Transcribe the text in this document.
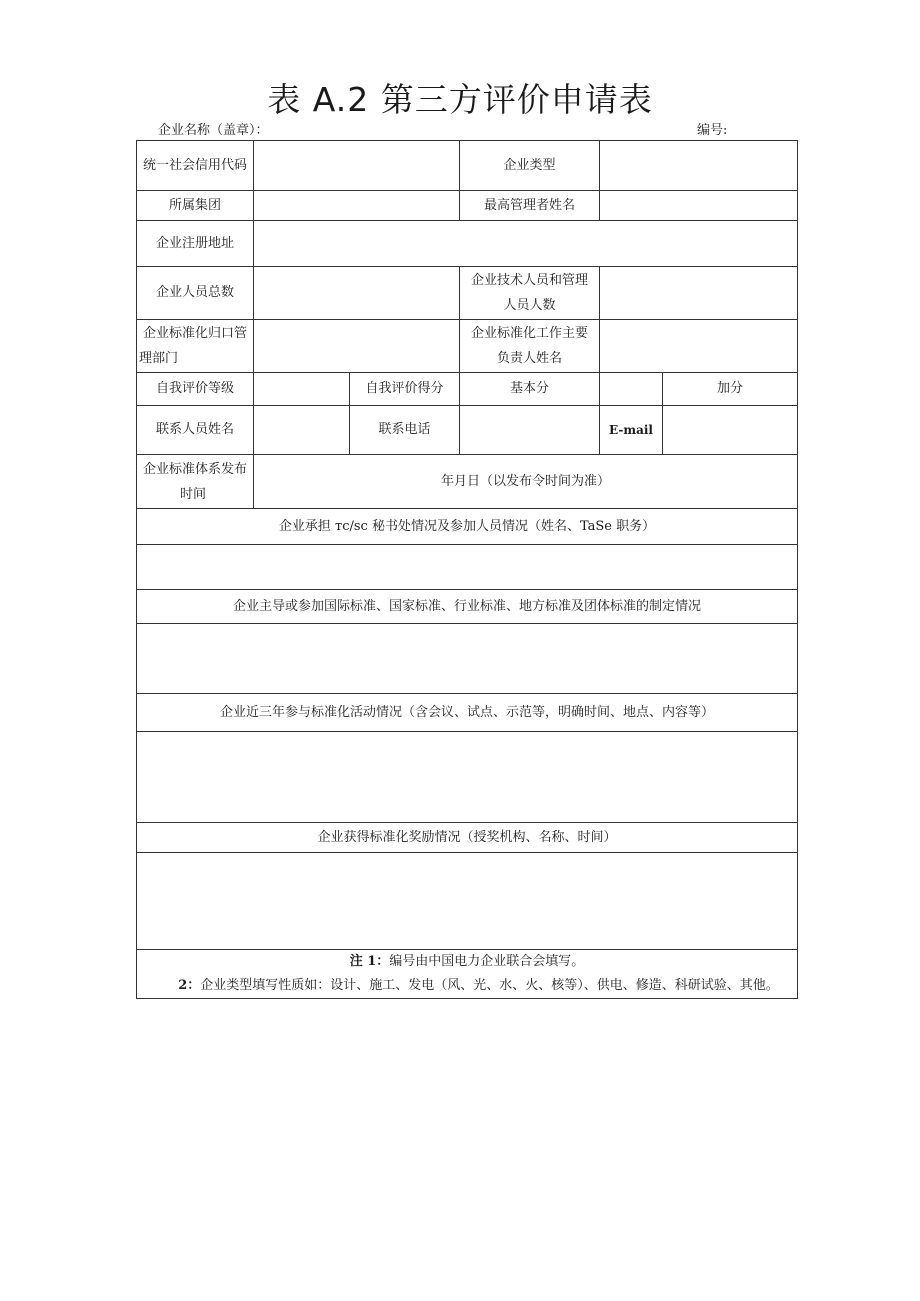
表 A.2 第三方评价申请表
企业名称（盖章）：	编号:
统一社会信用代码			企业类型		
所属集团			最高管理者姓名		
企业注册地址					
企业人员总数			企业技术人员和管理
人员人数		

企业标准化归口管
理部门			企业标准化工作主要
负责人姓名		

自我评价等级		自我评价得分	基本分		加分
联系人员姓名		联系电话		E-mail	

企业标准体系发布
时间	年月日（以发布令时间为准）				
企业承担 тс/sc 秘书处情况及参加人员情况（姓名、TaSe 职务）					

企业主导或参加国际标准、国家标准、行业标准、地方标准及团体标准的制定情况					

企业近三年参与标准化活动情况（含会议、试点、示范等，明确时间、地点、内容等）					

企业获得标准化奖励情况（授奖机构、名称、时间）					

注 1：编号由中国电力企业联合会填写。
2：企业类型填写性质如：设计、施工、发电（风、光、水、火、核等）、供电、修造、科研试验、其他。					
